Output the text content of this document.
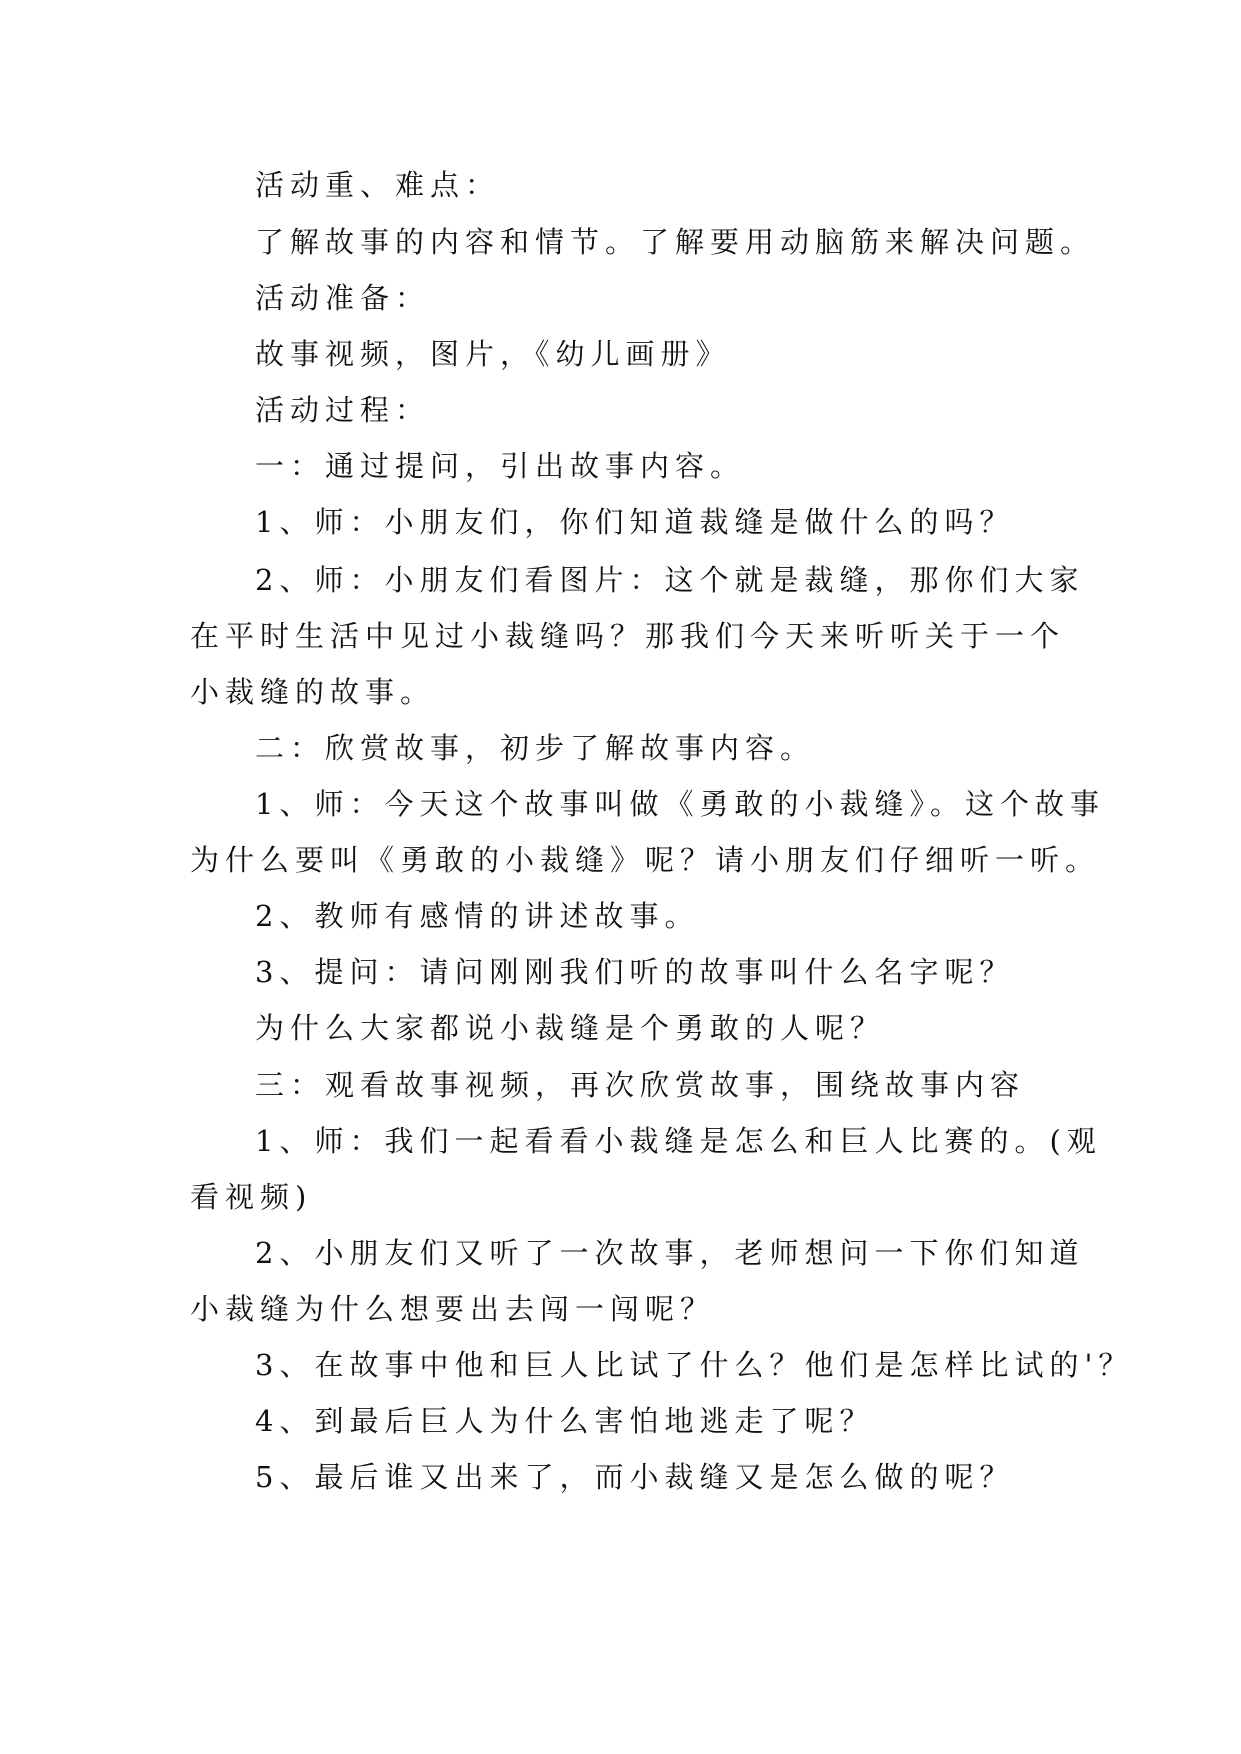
活动重、难点：
了解故事的内容和情节。了解要用动脑筋来解决问题。
活动准备：
故事视频，图片，《幼儿画册》
活动过程：
一：通过提问，引出故事内容。
1、师：小朋友们，你们知道裁缝是做什么的吗？
2、师：小朋友们看图片：这个就是裁缝，那你们大家
在平时生活中见过小裁缝吗？那我们今天来听听关于一个
小裁缝的故事。
二：欣赏故事，初步了解故事内容。
1、师：今天这个故事叫做《勇敢的小裁缝》。这个故事
为什么要叫《勇敢的小裁缝》呢？请小朋友们仔细听一听。
2、教师有感情的讲述故事。
3、提问：请问刚刚我们听的故事叫什么名字呢？
为什么大家都说小裁缝是个勇敢的人呢？
三：观看故事视频，再次欣赏故事，围绕故事内容
1、师：我们一起看看小裁缝是怎么和巨人比赛的。(观
看视频)
2、小朋友们又听了一次故事，老师想问一下你们知道
小裁缝为什么想要出去闯一闯呢？
3、在故事中他和巨人比试了什么？他们是怎样比试的'？
4、到最后巨人为什么害怕地逃走了呢？
5、最后谁又出来了，而小裁缝又是怎么做的呢？
